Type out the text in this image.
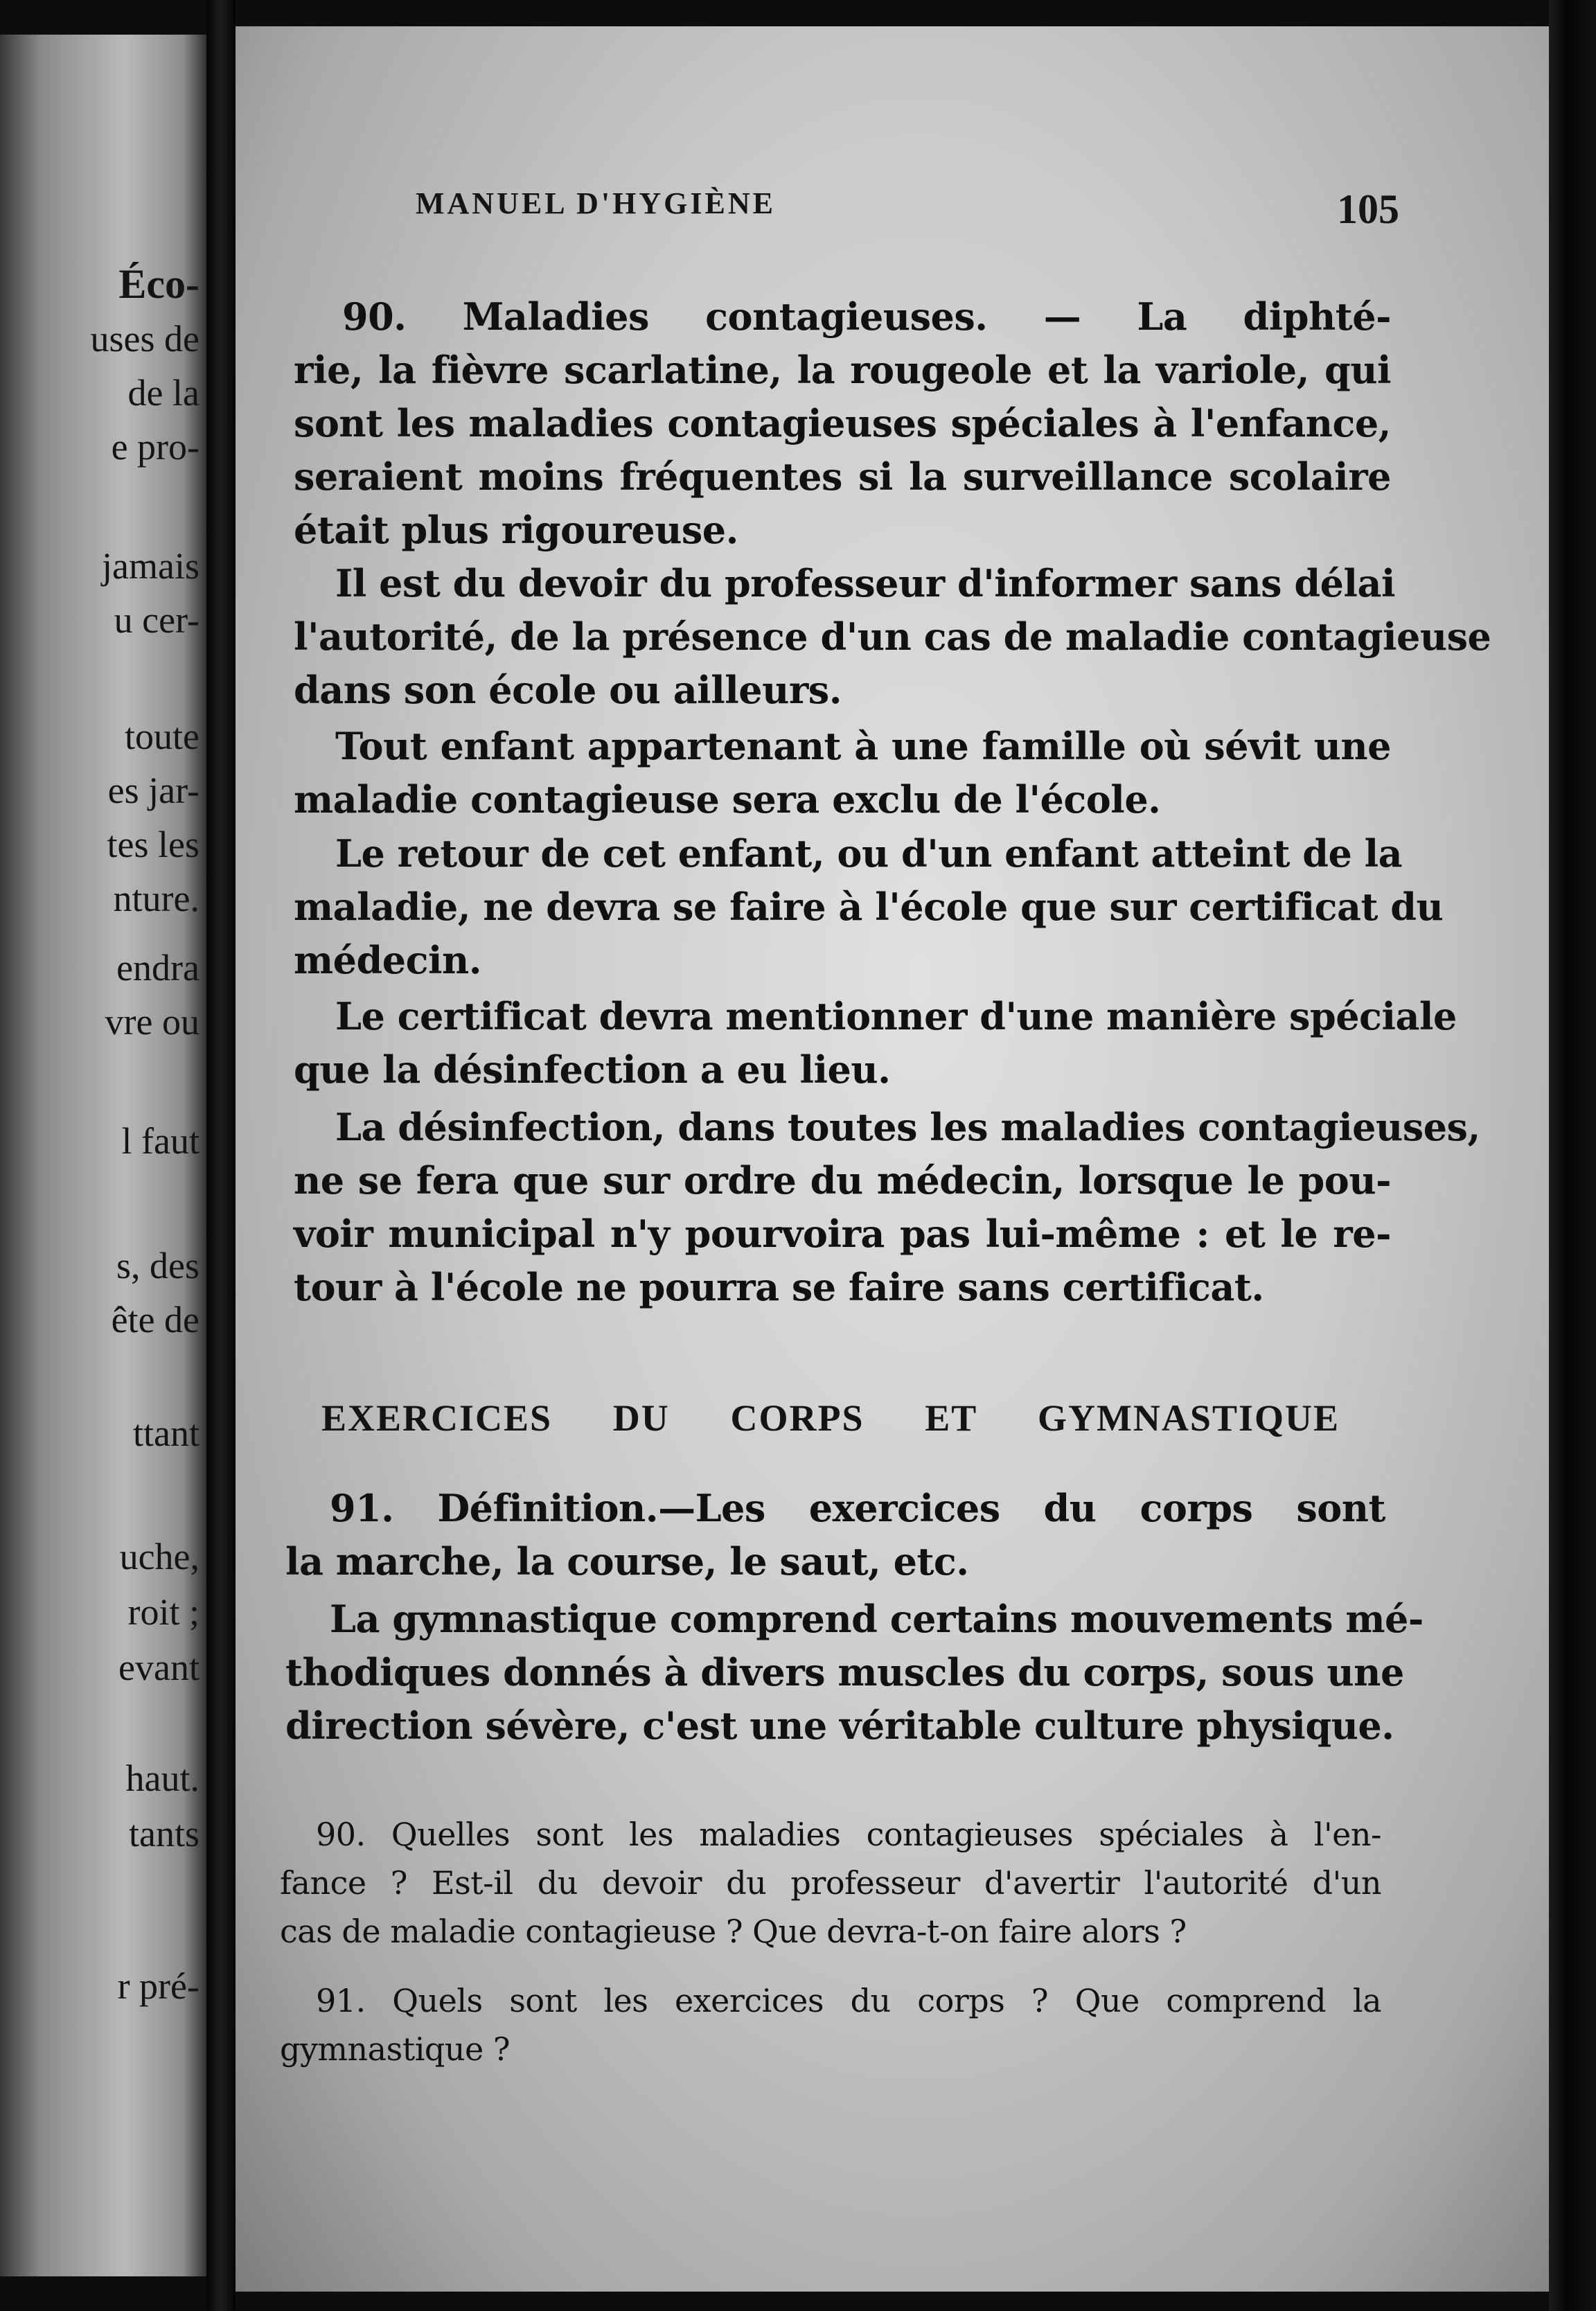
Éco-

uses de

de la

e pro-

jamais

u cer-

toute

es jar-

tes les

nture.

endra

vre ou

l faut

s, des

ête de

ttant

uche,

roit ;

evant

haut.

tants

r pré-

MANUEL D'HYGIÈNE	105
EXERCICES DU CORPS ET GYMNASTIQUE

90. Maladies contagieuses. — La diphté-

rie, la fièvre scarlatine, la rougeole et la variole, qui

sont les maladies contagieuses spéciales à l'enfance,

seraient moins fréquentes si la surveillance scolaire

était plus rigoureuse.

Il est du devoir du professeur d'informer sans délai

l'autorité, de la présence d'un cas de maladie contagieuse

dans son école ou ailleurs.

Tout enfant appartenant à une famille où sévit une

maladie contagieuse sera exclu de l'école.

Le retour de cet enfant, ou d'un enfant atteint de la

maladie, ne devra se faire à l'école que sur certificat du

médecin.

Le certificat devra mentionner d'une manière spéciale

que la désinfection a eu lieu.

La désinfection, dans toutes les maladies contagieuses,

ne se fera que sur ordre du médecin, lorsque le pou-

voir municipal n'y pourvoira pas lui-même : et le re-

tour à l'école ne pourra se faire sans certificat.

91. Définition.—Les exercices du corps sont

la marche, la course, le saut, etc.

La gymnastique comprend certains mouvements mé-

thodiques donnés à divers muscles du corps, sous une

direction sévère, c'est une véritable culture physique.

90. Quelles sont les maladies contagieuses spéciales à l'en-

fance ? Est-il du devoir du professeur d'avertir l'autorité d'un

cas de maladie contagieuse ? Que devra-t-on faire alors ?

91. Quels sont les exercices du corps ? Que comprend la

gymnastique ?
